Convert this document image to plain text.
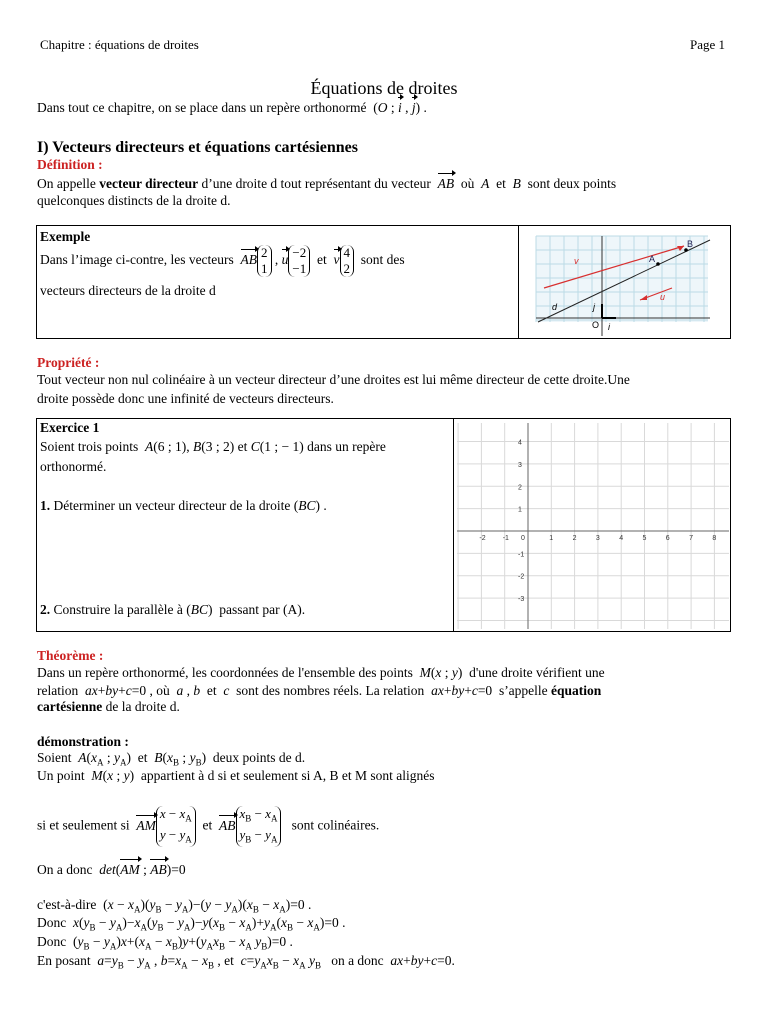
Chapitre : équations de droites	Page 1
Équations de droites
Dans tout ce chapitre, on se place dans un repère orthonormé  (O ; i , j) .
I) Vecteurs directeurs et équations cartésiennes
Définition :
On appelle vecteur directeur d’une droite d tout représentant du vecteur AB où A et B sont deux points
quelconques distincts de la droite d.
Exemple
Dans l’image ci-contre, les vecteurs AB 2
1
, u −2
−1
et v 4
2
sont des
vecteurs directeurs de la droite d
A
B
d
O
v
u
i
j
Propriété :
Tout vecteur non nul colinéaire à un vecteur directeur d’une droites est lui même directeur de cette droite.Une
droite possède donc une infinité de vecteurs directeurs.
Exercice 1
Soient trois points A(6 ; 1), B(3 ; 2) et C(1 ; − 1) dans un repère
orthonormé.
1. Déterminer un vecteur directeur de la droite (BC) .
2. Construire la parallèle à (BC)  passant par (A).
-2 -1 0	1	2	3	4	5	6	7	8
4
3
2
1
-1
-2
-3
Théorème :
Dans un repère orthonormé, les coordonnées de l'ensemble des points M(x ; y)  d'une droite vérifient une
relation ax+by+c=0 , où a , b et c sont des nombres réels. La relation ax+by+c=0  s’appelle équation
cartésienne de la droite d.
démonstration :
Soient $A(x_A$ ; $y_A$)  et $B(x_B$ ; $y_B$)  deux points de d.
Un point M(x ; y)  appartient à d si et seulement si A, B et M sont alignés
si et seulement si AM
$x - x_A$
$y - y_A$
et AB
$x_B - x_A$
$y_B - y_A$
sont colinéaires.
On a donc det(AM ; AB)=0
c'est-à-dire  $(x - x_A)(y_B - y_A)-(y - y_A)(x_B - x_A)=0$ .
Donc $x(y_B - y_A)-x_A(y_B - y_A)-y(x_B - x_A)+y_A(x_B - x_A)=0$ .
Donc  $(y_B - y_A)x+(x_A - x_B)y+(y_Ax_B - x_A$ $y_B)=0$ .
En posant $a=y_B - y_A$ , $b=x_A - x_B$ , et  $c=y_Ax_B - x_A$ $y_B$ on a donc ax+by+c=0.
